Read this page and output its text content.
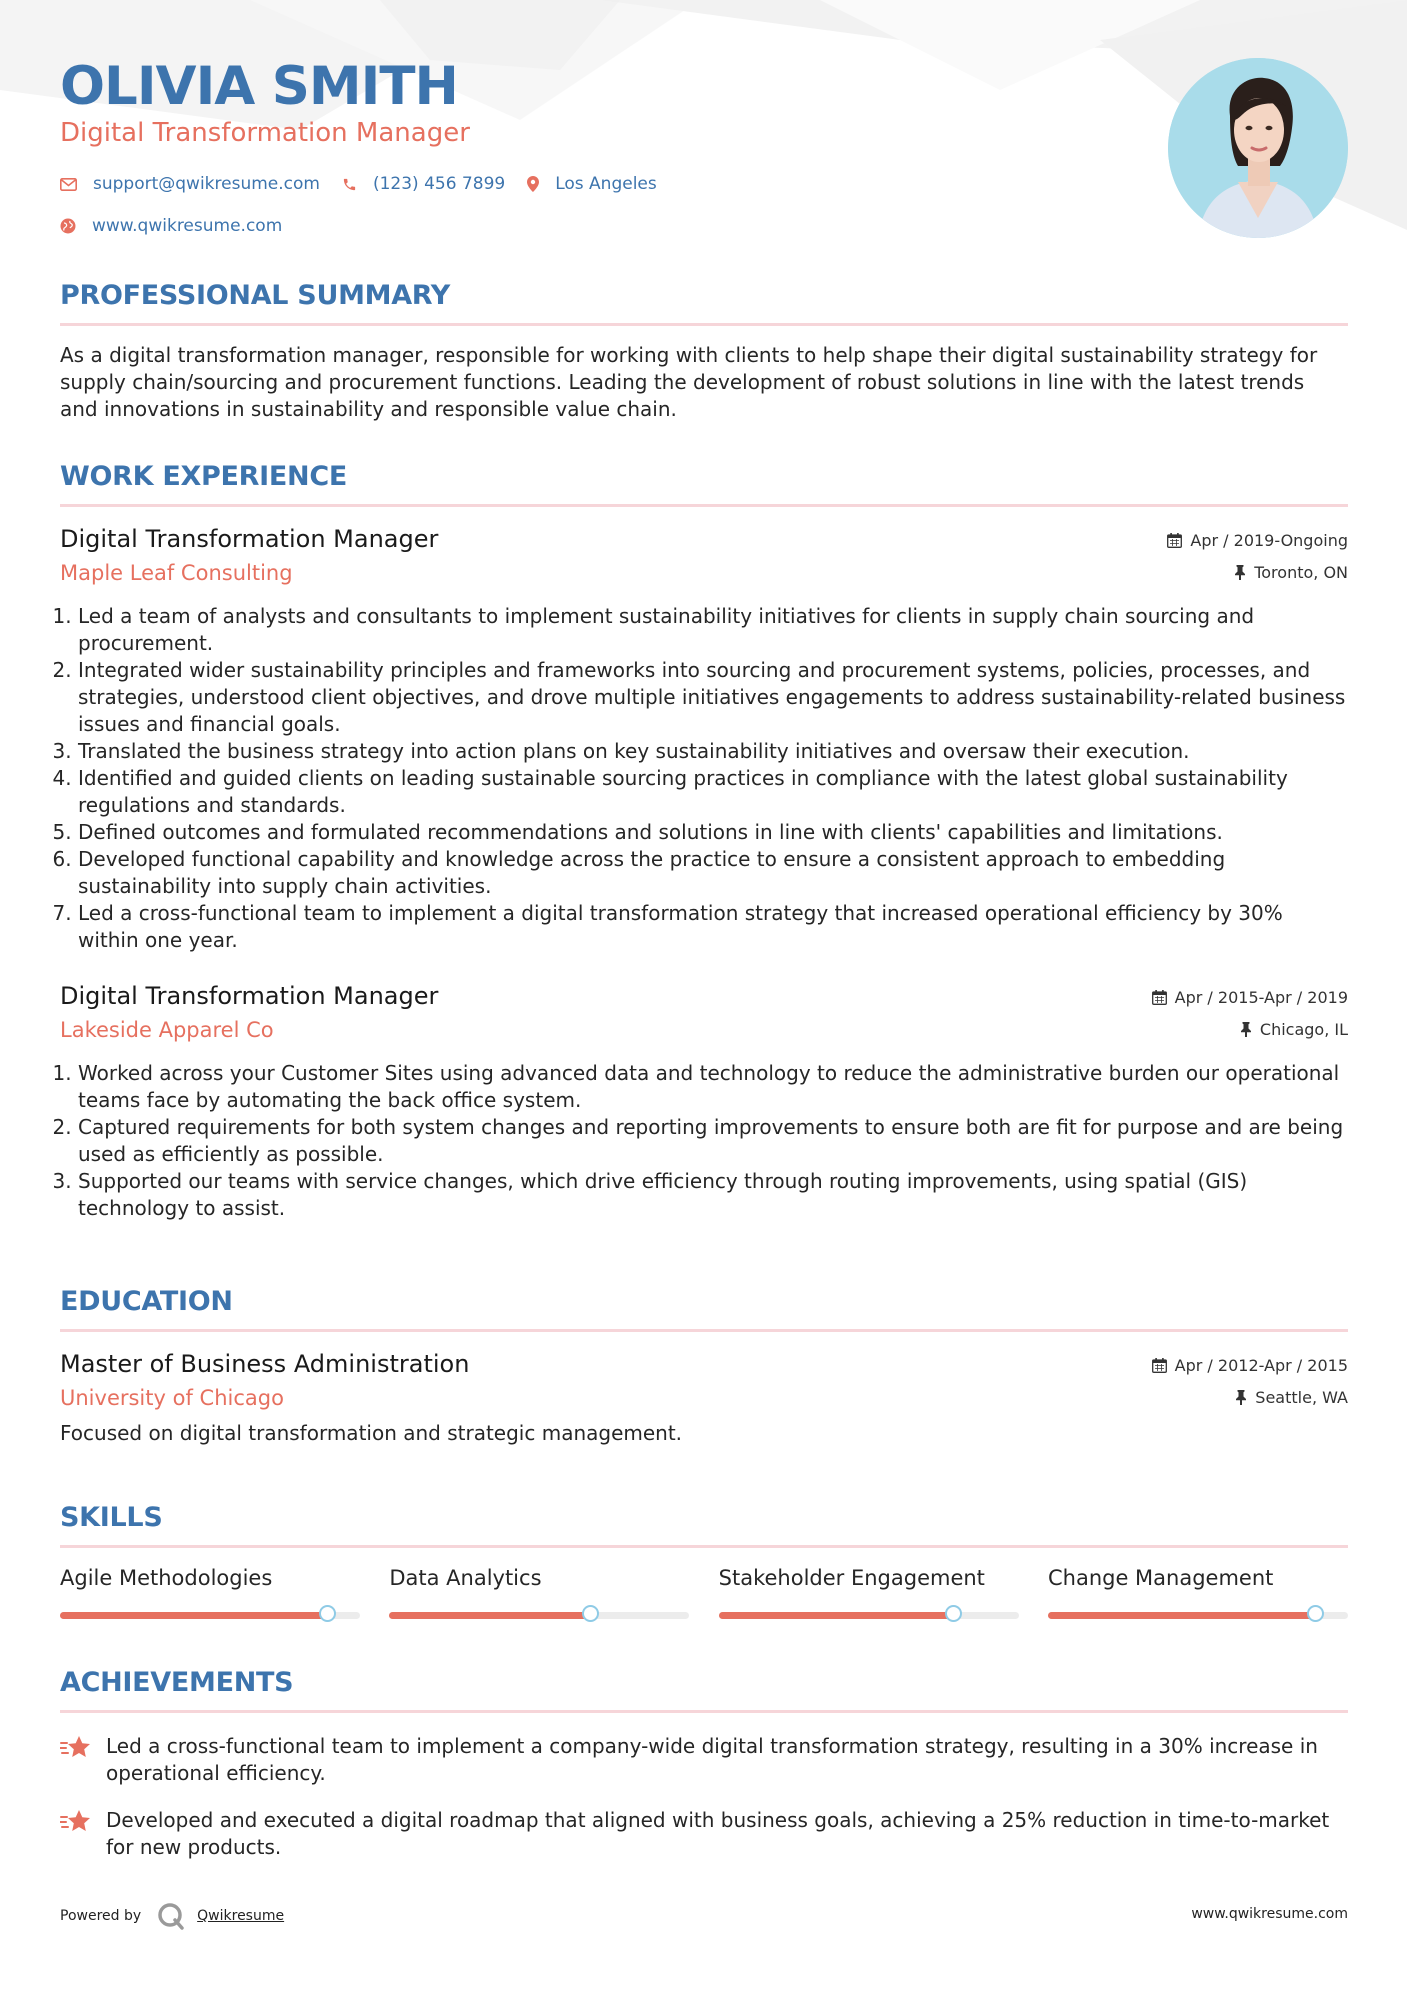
OLIVIA SMITH
Digital Transformation Manager
support@qwikresume.com	(123) 456 7899	Los Angeles
www.qwikresume.com
PROFESSIONAL SUMMARY

As a digital transformation manager, responsible for working with clients to help shape their digital sustainability strategy for supply chain/sourcing and procurement functions. Leading the development of robust solutions in line with the latest trends and innovations in sustainability and responsible value chain.

WORK EXPERIENCE
Digital Transformation Manager
Maple Leaf Consulting
Apr / 2019-Ongoing
Toronto, ON
1. Led a team of analysts and consultants to implement sustainability initiatives for clients in supply chain sourcing and procurement.
2. Integrated wider sustainability principles and frameworks into sourcing and procurement systems, policies, processes, and strategies, understood client objectives, and drove multiple initiatives engagements to address sustainability-related business issues and financial goals.
3. Translated the business strategy into action plans on key sustainability initiatives and oversaw their execution.
4. Identified and guided clients on leading sustainable sourcing practices in compliance with the latest global sustainability regulations and standards.
5. Defined outcomes and formulated recommendations and solutions in line with clients' capabilities and limitations.
6. Developed functional capability and knowledge across the practice to ensure a consistent approach to embedding sustainability into supply chain activities.
7. Led a cross-functional team to implement a digital transformation strategy that increased operational efficiency by 30% within one year.
Digital Transformation Manager
Lakeside Apparel Co
Apr / 2015-Apr / 2019
Chicago, IL
1. Worked across your Customer Sites using advanced data and technology to reduce the administrative burden our operational teams face by automating the back office system.
2. Captured requirements for both system changes and reporting improvements to ensure both are fit for purpose and are being used as efficiently as possible.
3. Supported our teams with service changes, which drive efficiency through routing improvements, using spatial (GIS) technology to assist.
EDUCATION
Master of Business Administration
University of Chicago
Apr / 2012-Apr / 2015
Seattle, WA

Focused on digital transformation and strategic management.

SKILLS
Agile Methodologies	Data Analytics	Stakeholder Engagement	Change Management
ACHIEVEMENTS
Led a cross-functional team to implement a company-wide digital transformation strategy, resulting in a 30% increase in operational efficiency.
Developed and executed a digital roadmap that aligned with business goals, achieving a 25% reduction in time-to-market for new products.
Powered by	Qwikresume	www.qwikresume.com
